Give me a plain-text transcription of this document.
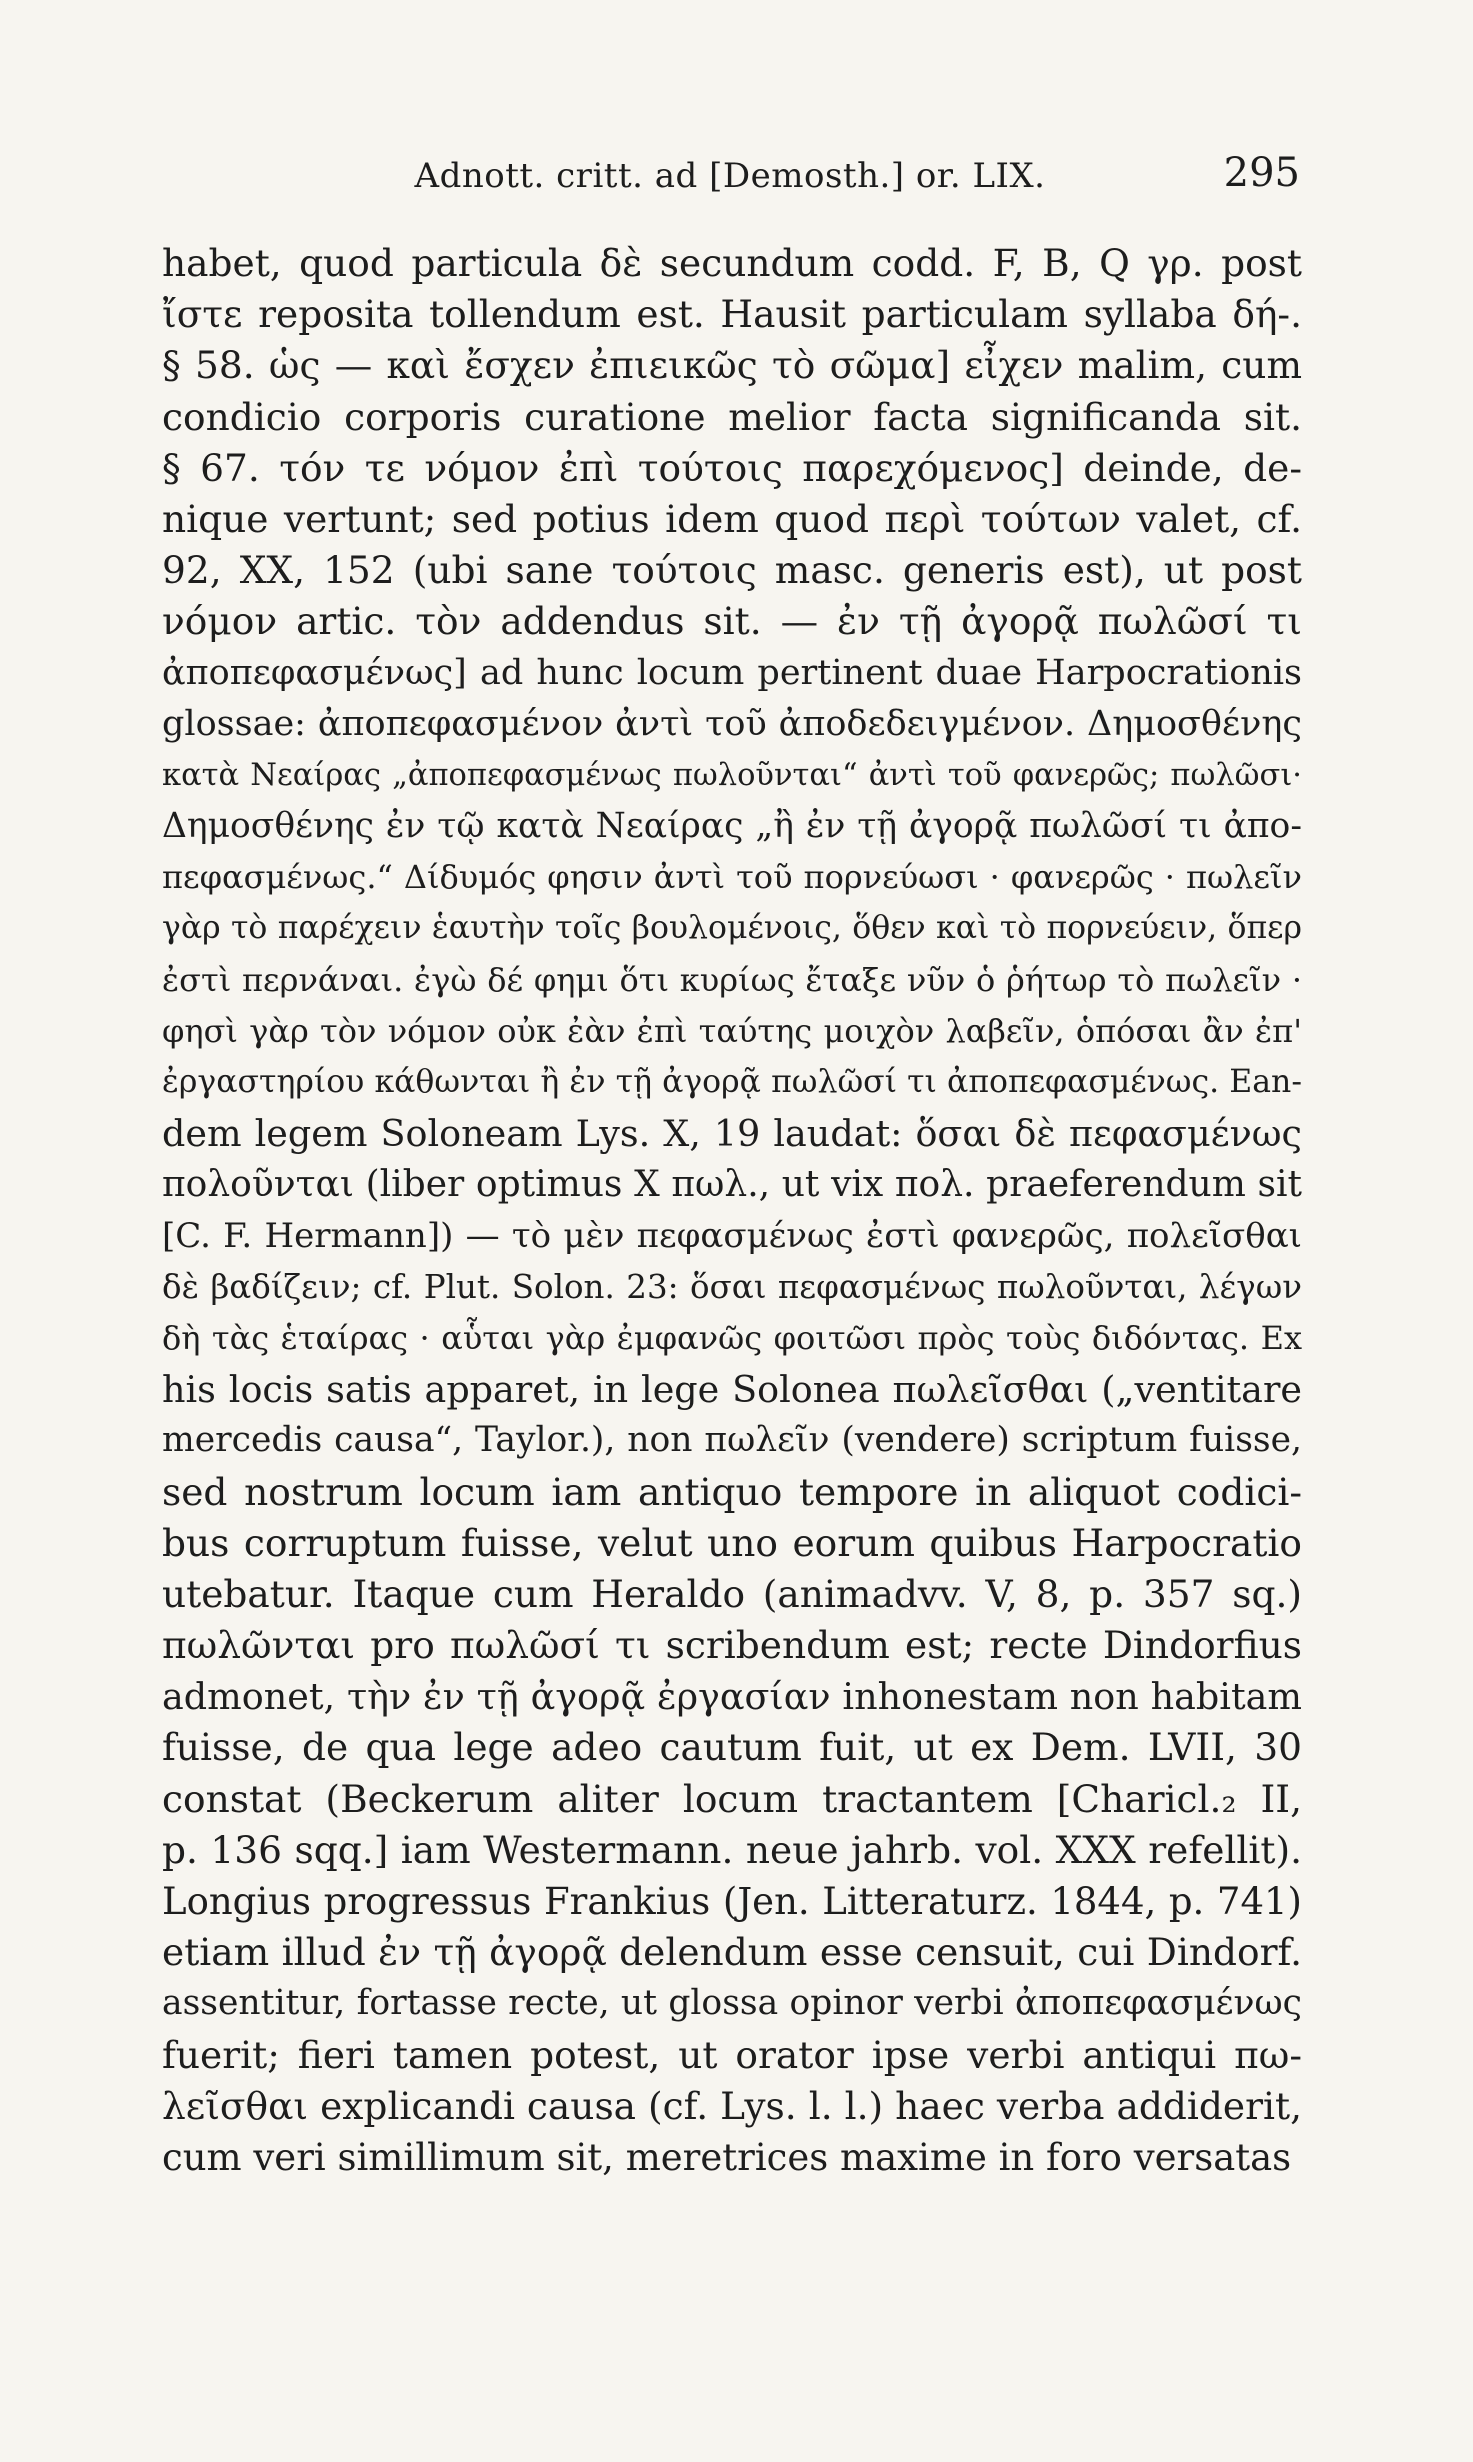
Adnott. critt. ad [Demosth.] or. LIX.	295
habet, quod particula δὲ secundum codd. F, B, Q γρ. post
ἴστε reposita tollendum est. Hausit particulam syllaba δή-.
§ 58. ὡς — καὶ ἔσχεν ἐπιεικῶς τὸ σῶμα] εἶχεν malim, cum
condicio corporis curatione melior facta significanda sit.
§ 67. τόν τε νόμον ἐπὶ τούτοις παρεχόμενος] deinde, de-
nique vertunt; sed potius idem quod περὶ τούτων valet, cf.
92, XX, 152 (ubi sane τούτοις masc. generis est), ut post
νόμον artic. τὸν addendus sit. — ἐν τῇ ἀγορᾷ πωλῶσί τι
ἀποπεφασμένως] ad hunc locum pertinent duae Harpocrationis
glossae: ἀποπεφασμένον ἀντὶ τοῦ ἀποδεδειγμένον. Δημοσθένης
κατὰ Νεαίρας „ἀποπεφασμένως πωλοῦνται“ ἀντὶ τοῦ φανερῶς; πωλῶσι·
Δημοσθένης ἐν τῷ κατὰ Νεαίρας „ἢ ἐν τῇ ἀγορᾷ πωλῶσί τι ἀπο-
πεφασμένως.“ Δίδυμός φησιν ἀντὶ τοῦ πορνεύωσι · φανερῶς · πωλεῖν
γὰρ τὸ παρέχειν ἑαυτὴν τοῖς βουλομένοις, ὅθεν καὶ τὸ πορνεύειν, ὅπερ
ἐστὶ περνάναι. ἐγὼ δέ φημι ὅτι κυρίως ἔταξε νῦν ὁ ῥήτωρ τὸ πωλεῖν ·
φησὶ γὰρ τὸν νόμον οὐκ ἐὰν ἐπὶ ταύτης μοιχὸν λαβεῖν, ὁπόσαι ἂν ἐπ'
ἐργαστηρίου κάθωνται ἢ ἐν τῇ ἀγορᾷ πωλῶσί τι ἀποπεφασμένως. Ean-
dem legem Soloneam Lys. X, 19 laudat: ὅσαι δὲ πεφασμένως
πολοῦνται (liber optimus X πωλ., ut vix πολ. praeferendum sit
[C. F. Hermann]) — τὸ μὲν πεφασμένως ἐστὶ φανερῶς, πολεῖσθαι
δὲ βαδίζειν; cf. Plut. Solon. 23: ὅσαι πεφασμένως πωλοῦνται, λέγων
δὴ τὰς ἑταίρας · αὗται γὰρ ἐμφανῶς φοιτῶσι πρὸς τοὺς διδόντας. Ex
his locis satis apparet, in lege Solonea πωλεῖσθαι („ventitare
mercedis causa“, Taylor.), non πωλεῖν (vendere) scriptum fuisse,
sed nostrum locum iam antiquo tempore in aliquot codici-
bus corruptum fuisse, velut uno eorum quibus Harpocratio
utebatur. Itaque cum Heraldo (animadvv. V, 8, p. 357 sq.)
πωλῶνται pro πωλῶσί τι scribendum est; recte Dindorfius
admonet, τὴν ἐν τῇ ἀγορᾷ ἐργασίαν inhonestam non habitam
fuisse, de qua lege adeo cautum fuit, ut ex Dem. LVII, 30
constat (Beckerum aliter locum tractantem [Charicl.₂ II,
p. 136 sqq.] iam Westermann. neue jahrb. vol. XXX refellit).
Longius progressus Frankius (Jen. Litteraturz. 1844, p. 741)
etiam illud ἐν τῇ ἀγορᾷ delendum esse censuit, cui Dindorf.
assentitur, fortasse recte, ut glossa opinor verbi ἀποπεφασμένως
fuerit; fieri tamen potest, ut orator ipse verbi antiqui πω-
λεῖσθαι explicandi causa (cf. Lys. l. l.) haec verba addiderit,
cum veri simillimum sit, meretrices maxime in foro versatas
